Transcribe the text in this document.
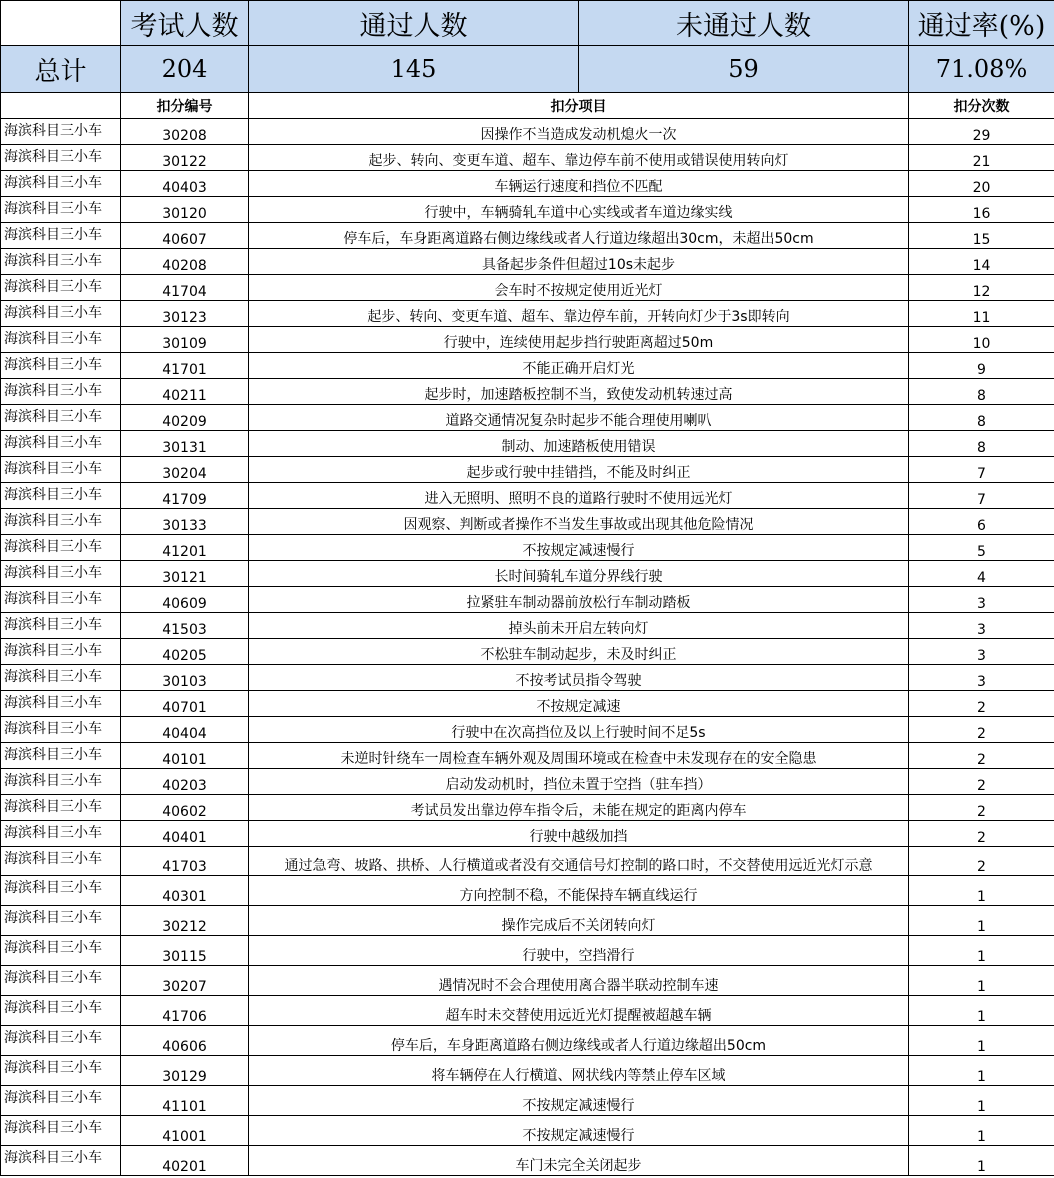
	考试人数	通过人数	未通过人数	通过率(%)
总计	204	145	59	71.08%
	扣分编号	扣分项目		扣分次数
海滨科目三小车	30208	因操作不当造成发动机熄火一次		29
海滨科目三小车	30122	起步、转向、变更车道、超车、靠边停车前不使用或错误使用转向灯		21
海滨科目三小车	40403	车辆运行速度和挡位不匹配		20
海滨科目三小车	30120	行驶中，车辆骑轧车道中心实线或者车道边缘实线		16
海滨科目三小车	40607	停车后，车身距离道路右侧边缘线或者人行道边缘超出30cm，未超出50cm		15
海滨科目三小车	40208	具备起步条件但超过10s未起步		14
海滨科目三小车	41704	会车时不按规定使用近光灯		12
海滨科目三小车	30123	起步、转向、变更车道、超车、靠边停车前，开转向灯少于3s即转向		11
海滨科目三小车	30109	行驶中，连续使用起步挡行驶距离超过50m		10
海滨科目三小车	41701	不能正确开启灯光		9
海滨科目三小车	40211	起步时，加速踏板控制不当，致使发动机转速过高		8
海滨科目三小车	40209	道路交通情况复杂时起步不能合理使用喇叭		8
海滨科目三小车	30131	制动、加速踏板使用错误		8
海滨科目三小车	30204	起步或行驶中挂错挡，不能及时纠正		7
海滨科目三小车	41709	进入无照明、照明不良的道路行驶时不使用远光灯		7
海滨科目三小车	30133	因观察、判断或者操作不当发生事故或出现其他危险情况		6
海滨科目三小车	41201	不按规定减速慢行		5
海滨科目三小车	30121	长时间骑轧车道分界线行驶		4
海滨科目三小车	40609	拉紧驻车制动器前放松行车制动踏板		3
海滨科目三小车	41503	掉头前未开启左转向灯		3
海滨科目三小车	40205	不松驻车制动起步，未及时纠正		3
海滨科目三小车	30103	不按考试员指令驾驶		3
海滨科目三小车	40701	不按规定减速		2
海滨科目三小车	40404	行驶中在次高挡位及以上行驶时间不足5s		2
海滨科目三小车	40101	未逆时针绕车一周检查车辆外观及周围环境或在检查中未发现存在的安全隐患		2
海滨科目三小车	40203	启动发动机时，挡位未置于空挡（驻车挡）		2
海滨科目三小车	40602	考试员发出靠边停车指令后，未能在规定的距离内停车		2
海滨科目三小车	40401	行驶中越级加挡		2
海滨科目三小车	41703	通过急弯、坡路、拱桥、人行横道或者没有交通信号灯控制的路口时，不交替使用远近光灯示意		2
海滨科目三小车	40301	方向控制不稳，不能保持车辆直线运行		1
海滨科目三小车	30212	操作完成后不关闭转向灯		1
海滨科目三小车	30115	行驶中，空挡滑行		1
海滨科目三小车	30207	遇情况时不会合理使用离合器半联动控制车速		1
海滨科目三小车	41706	超车时未交替使用远近光灯提醒被超越车辆		1
海滨科目三小车	40606	停车后，车身距离道路右侧边缘线或者人行道边缘超出50cm		1
海滨科目三小车	30129	将车辆停在人行横道、网状线内等禁止停车区域		1
海滨科目三小车	41101	不按规定减速慢行		1
海滨科目三小车	41001	不按规定减速慢行		1
海滨科目三小车	40201	车门未完全关闭起步		1
